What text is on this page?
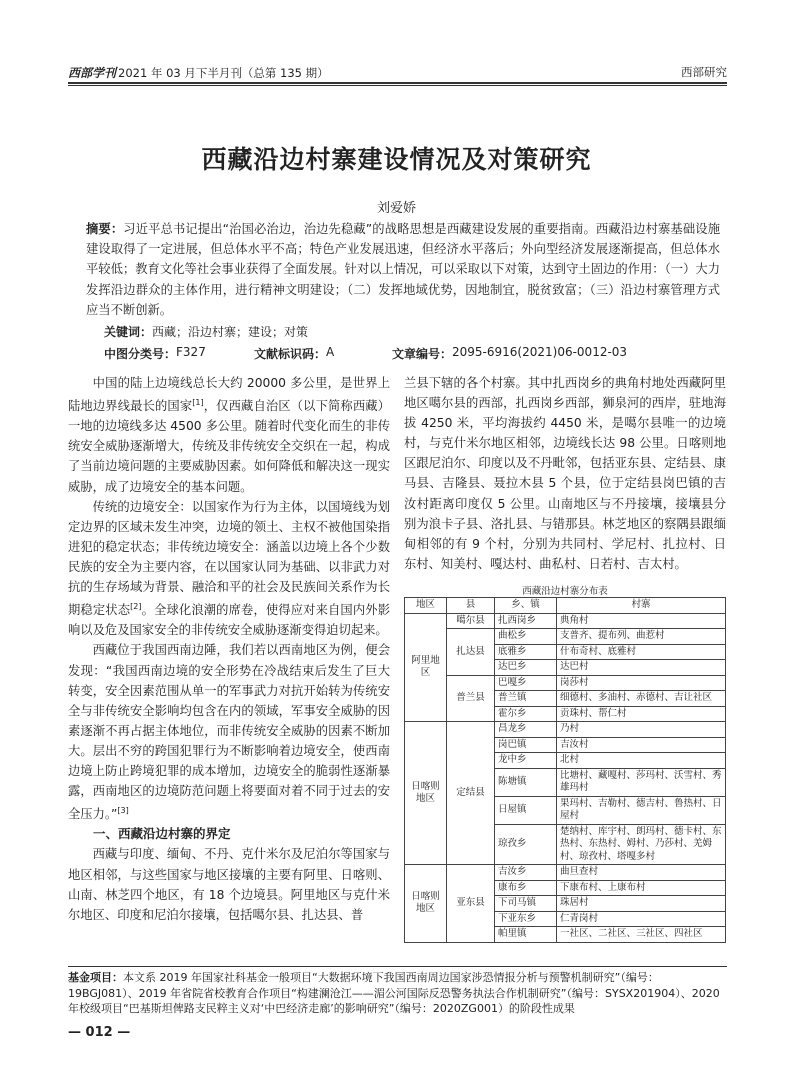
西部学刊 2021 年 03 月下半月刊（总第 135 期）	西部研究
西藏沿边村寨建设情况及对策研究
刘爱娇
摘要：习近平总书记提出“治国必治边，治边先稳藏”的战略思想是西藏建设发展的重要指南。西藏沿边村寨基础设施建设取得了一定进展，但总体水平不高；特色产业发展迅速，但经济水平落后；外向型经济发展逐渐提高，但总体水平较低；教育文化等社会事业获得了全面发展。针对以上情况，可以采取以下对策，达到守土固边的作用：（一）大力发挥沿边群众的主体作用，进行精神文明建设；（二）发挥地域优势，因地制宜，脱贫致富；（三）沿边村寨管理方式应当不断创新。
关键词：西藏；沿边村寨；建设；对策
中图分类号： F327	文献标识码： A	文章编号： 2095-6916(2021)06-0012-03

中国的陆上边境线总长大约 20000 多公里，是世界上陆地边界线最长的国家[1]，仅西藏自治区（以下简称西藏）一地的边境线多达 4500 多公里。随着时代变化而生的非传统安全威胁逐渐增大，传统及非传统安全交织在一起，构成了当前边境问题的主要威胁因素。如何降低和解决这一现实威胁，成了边境安全的基本问题。

传统的边境安全：以国家作为行为主体，以国境线为划定边界的区域未发生冲突，边境的领土、主权不被他国染指进犯的稳定状态；非传统边境安全：涵盖以边境上各个少数民族的安全为主要内容，在以国家认同为基础、以非武力对抗的生存场域为背景、融洽和平的社会及民族间关系作为长期稳定状态[2]。全球化浪潮的席卷，使得应对来自国内外影响以及危及国家安全的非传统安全威胁逐渐变得迫切起来。

西藏位于我国西南边陲，我们若以西南地区为例，便会发现：“我国西南边境的安全形势在冷战结束后发生了巨大转变，安全因素范围从单一的军事武力对抗开始转为传统安全与非传统安全影响均包含在内的领域，军事安全威胁的因素逐渐不再占据主体地位，而非传统安全威胁的因素不断加大。层出不穷的跨国犯罪行为不断影响着边境安全，使西南边境上防止跨境犯罪的成本增加，边境安全的脆弱性逐渐暴露，西南地区的边境防范问题上将要面对着不同于过去的安全压力。”[3]

一、西藏沿边村寨的界定

西藏与印度、缅甸、不丹、克什米尔及尼泊尔等国家与地区相邻，与这些国家与地区接壤的主要有阿里、日喀则、山南、林芝四个地区，有 18 个边境县。阿里地区与克什米尔地区、印度和尼泊尔接壤，包括噶尔县、扎达县、普

兰县下辖的各个村寨。其中扎西岗乡的典角村地处西藏阿里地区噶尔县的西部，扎西岗乡西部，狮泉河的西岸，驻地海拔 4250 米，平均海拔约 4450 米，是噶尔县唯一的边境村，与克什米尔地区相邻，边境线长达 98 公里。日喀则地区跟尼泊尔、印度以及不丹毗邻，包括亚东县、定结县、康马县、吉隆县、聂拉木县 5 个县，位于定结县岗巴镇的吉汝村距离印度仅 5 公里。山南地区与不丹接壤，接壤县分别为浪卡子县、洛扎县、与错那县。林芝地区的察隅县跟缅甸相邻的有 9 个村，分别为共同村、学尼村、扎拉村、日东村、知美村、嘎达村、曲私村、日若村、吉太村。

西藏沿边村寨分布表
地区	县	乡、镇	村寨
阿里地区	噶尔县	扎西岗乡	典角村
	扎达县	曲松乡	支普齐、提布列、曲惹村
		底雅乡	什布奇村、底雅村
		达巴乡	达巴村
	普兰县	巴嘎乡	岗莎村
		普兰镇	细德村、多油村、赤德村、吉让社区
		霍尔乡	贡珠村、帮仁村
日喀则地区	定结县	昌龙乡	乃村
		岗巴镇	吉汝村
		龙中乡	北村
		陈塘镇	比塘村、藏嘎村、莎玛村、沃雪村、秀雄玛村
		日屋镇	果玛村、吉勒村、德吉村、鲁热村、日屋村
		琼孜乡	楚纳村、库宇村、朗玛村、德卡村、东热村、东热村、姆村、乃莎村、羌姆村、琼孜村、塔嘎多村
日喀则地区	亚东县	吉汝乡	曲旦查村
		康布乡	下康布村、上康布村
		下司马镇	珠居村
		下亚东乡	仁青岗村
		帕里镇	一社区、二社区、三社区、四社区
基金项目：本文系 2019 年国家社科基金一般项目“大数据环境下我国西南周边国家涉恐情报分析与预警机制研究”（编号：19BGJ081）、2019 年省院省校教育合作项目“构建澜沧江——湄公河国际反恐警务执法合作机制研究”（编号：SYSX201904）、2020 年校级项目“巴基斯坦俾路支民粹主义对‘中巴经济走廊’的影响研究”（编号：2020ZG001）的阶段性成果
— 012 —
